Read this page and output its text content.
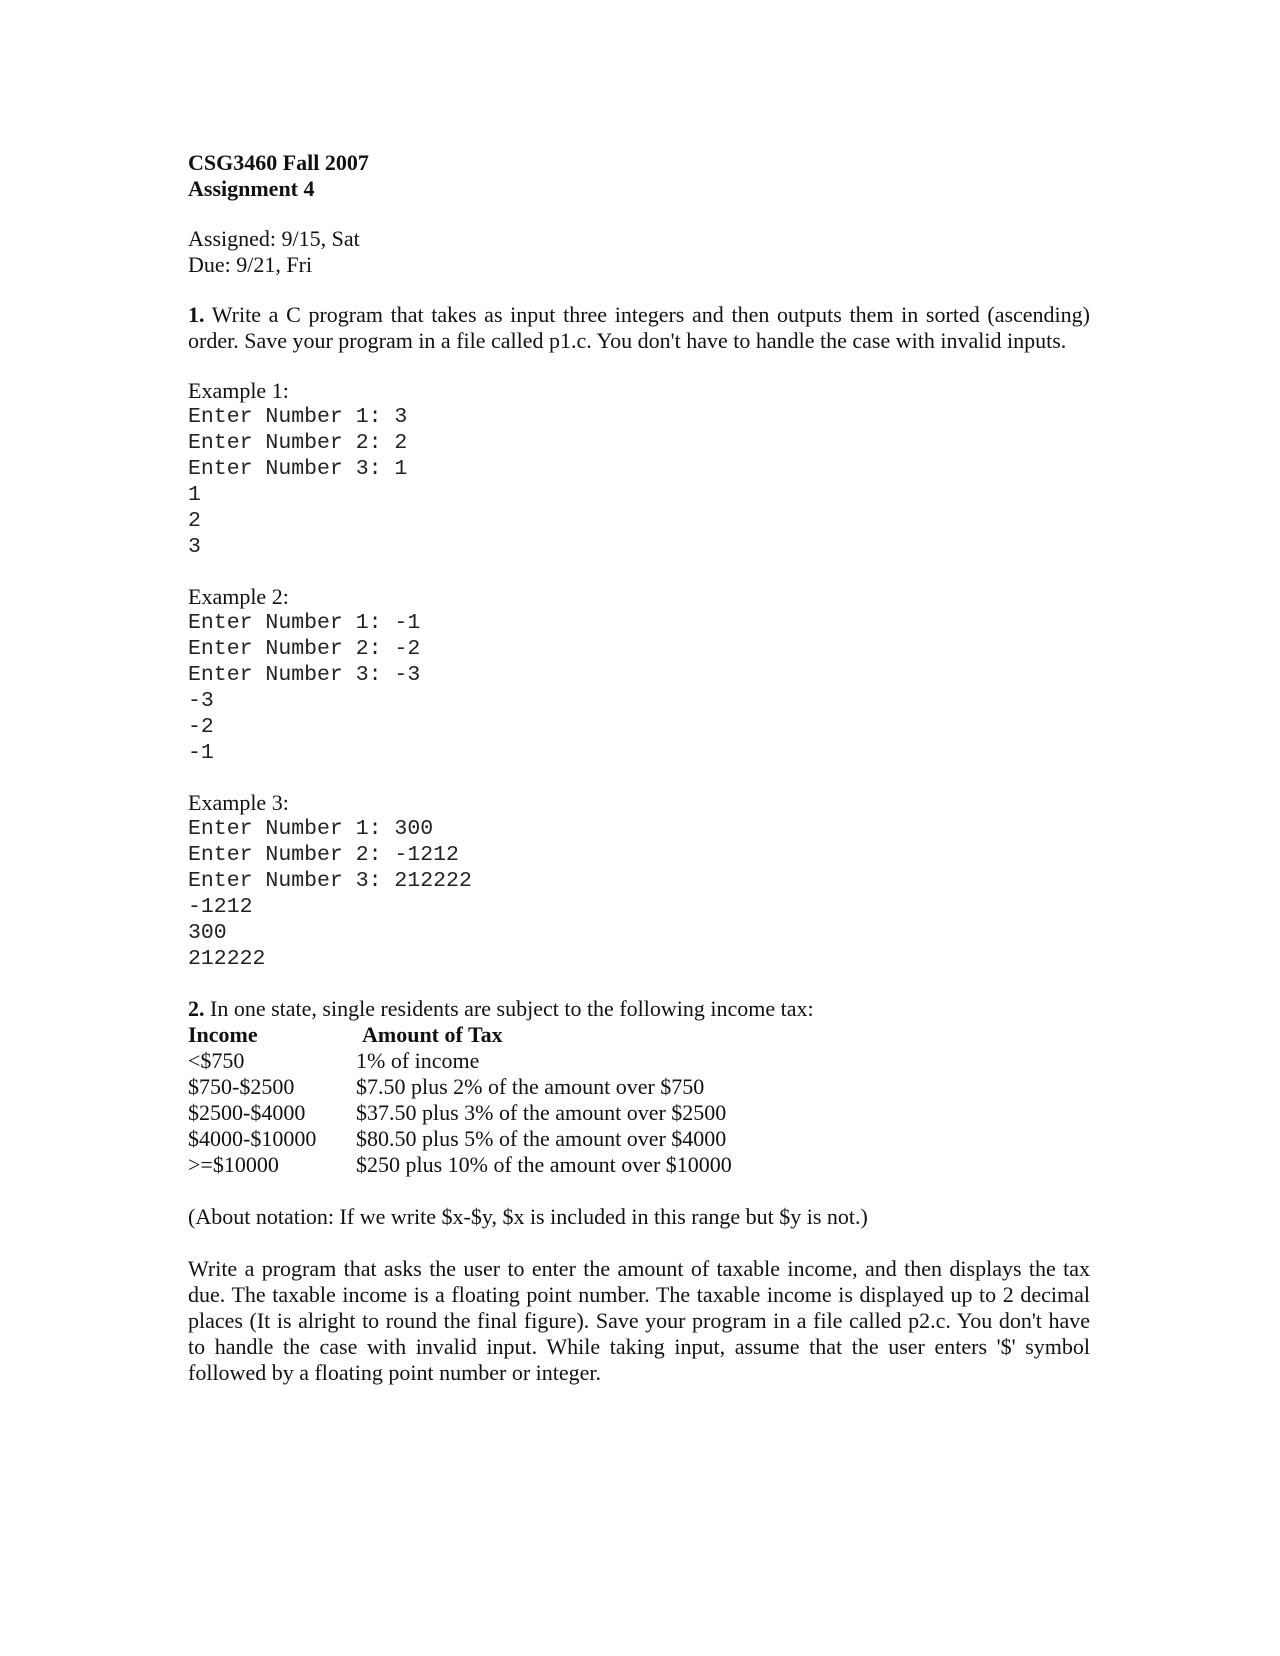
CSG3460 Fall 2007
Assignment 4
Assigned: 9/15, Sat
Due: 9/21, Fri

1. Write a C program that takes as input three integers and then outputs them in sorted (ascending) order. Save your program in a file called p1.c. You don't have to handle the case with invalid inputs.

Example 1:
Enter Number 1: 3
Enter Number 2: 2
Enter Number 3: 1
1
2
3
Example 2:
Enter Number 1: -1
Enter Number 2: -2
Enter Number 3: -3
-3
-2
-1
Example 3:
Enter Number 1: 300
Enter Number 2: -1212
Enter Number 3: 212222
-1212
300
212222
2. In one state, single residents are subject to the following income tax:
Income	Amount of Tax
<$750	1% of income
$750-$2500	$7.50 plus 2% of the amount over $750
$2500-$4000	$37.50 plus 3% of the amount over $2500
$4000-$10000	$80.50 plus 5% of the amount over $4000
>=$10000	$250 plus 10% of the amount over $10000
(About notation: If we write $x-$y, $x is included in this range but $y is not.)

Write a program that asks the user to enter the amount of taxable income, and then displays the tax due. The taxable income is a floating point number. The taxable income is displayed up to 2 decimal places (It is alright to round the final figure). Save your program in a file called p2.c. You don't have to handle the case with invalid input. While taking input, assume that the user enters '$' symbol followed by a floating point number or integer.
